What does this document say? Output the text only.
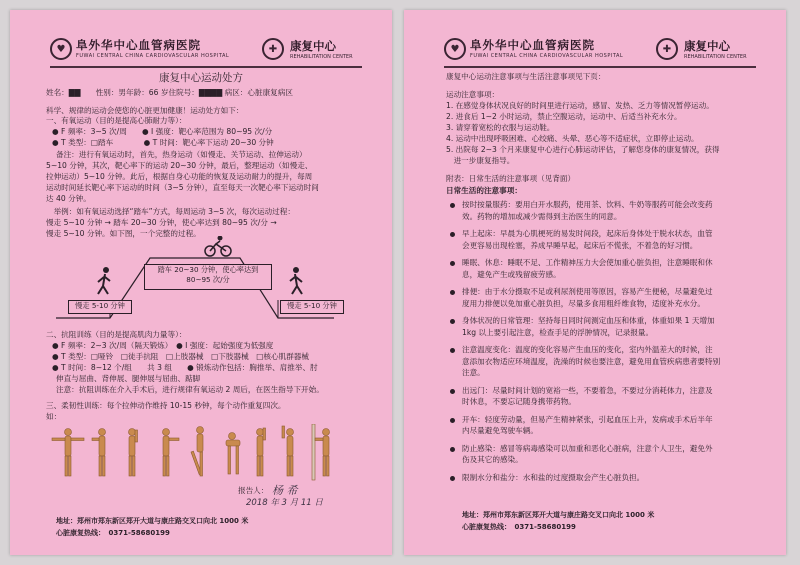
♥ 阜外华中心血管病医院
FUWAI CENTRAL CHINA CARDIOVASCULAR HOSPITAL
✚	康复中心
REHABILITATION CENTER
康复中心运动处方
姓名：▇▇　　性别：男年龄：66 岁住院号：▇▇▇▇ 病区：心脏康复病区
科学、规律的运动会使您的心脏更加健康！运动处方如下：
一、有氧运动（目的是提高心肺耐力等）：
● F 频率：3~5 次/周　　● I 强度：靶心率范围为 80~95 次/分
● T 类型：□踏车　　　　● T 时间：靶心率下运动 20~30 分钟
备注：进行有氧运动时，首先，热身运动（如慢走、关节运动、拉伸运动）
5~10 分钟，其次，靶心率下的运动 20~30 分钟，最后，整理运动（如慢走、
拉伸运动）5~10 分钟。此后，根据自身心功能的恢复及运动耐力的提升，每周
运动时间延长靶心率下运动的时间（3~5 分钟），直至每天一次靶心率下运动时间
达 40 分钟。
　举例：如有氧运动选择“踏车”方式，每周运动 3~5 次，每次运动过程：
慢走 5~10 分钟 → 踏车 20~30 分钟，使心率达到 80~95 次/分 →
慢走 5~10 分钟。如下图，一个完整的过程。
踏车 20~30 分钟，使心率达到
80~95 次/分
慢走 5-10 分钟	慢走 5-10 分钟
二、抗阻训练（目的是提高肌肉力量等）：
● F 频率：2~3 次/周（隔天锻炼）　● I 强度：起始强度为低强度
● T 类型：□哑铃　□徒手抗阻　□上肢器械　□下肢器械　□核心肌群器械
● T 时间：8~12 个/组　　共 3 组　　● 锻炼动作包括：胸推举、肩推举、肘
伸直与屈曲、背伸展、腿伸展与屈曲、踮脚
注意：抗阻训练在介入手术后，进行规律有氧运动 2 周后，在医生指导下开始。
三、柔韧性训练：每个拉伸动作维持 10-15 秒钟，每个动作重复四次。
如：
报告人： 杨 希
2018 年 3 月 11 日
地址：郑州市郑东新区郑开大道与康庄路交叉口向北 1000 米
心脏康复热线：　0371-58680199
♥ 阜外华中心血管病医院
FUWAI CENTRAL CHINA CARDIOVASCULAR HOSPITAL
✚	康复中心
REHABILITATION CENTER
康复中心运动注意事项与生活注意事项见下页：
运动注意事项：
1. 在感觉身体状况良好的时间里进行运动，感冒、发热、乏力等情况暂停运动。
2. 进食后 1~2 小时运动，禁止空腹运动，运动中、后适当补充水分。
3. 请穿着宽松的衣服与运动鞋。
4. 运动中出现呼吸困难、心绞痛、头晕、恶心等不适症状，立即停止运动。
5. 出院每 2~3 个月来康复中心进行心肺运动评估，了解您身体的康复情况，获得
　进一步康复指导。
附表：日常生活的注意事项（见背面）
日常生活的注意事项：
按时按量服药：要用白开水服药，使用茶、饮料、牛奶等服药可能会改变药
效。药物的增加或减少需得到主治医生的同意。
早上起床：早晨为心肌梗死的易发时间段，起床后身体处于脱水状态，血管
会更容易出现栓塞，养成早睡早起，起床后不慌张，不着急的好习惯。
睡眠、休息：睡眠不足、工作精神压力大会使加重心脏负担，注意睡眠和休
息，避免产生或残留疲劳感。
排便：由于水分摄取不足或利尿剂使用等原因，容易产生便秘，尽量避免过
度用力排便以免加重心脏负担，尽量多食用粗纤维食物，适度补充水分。
身体状况的日常管理：坚持每日同时间测定血压和体重，体重如果 1 天增加
1kg 以上要引起注意，检查手足的浮肿情况，记录报量。
注意温度变化：温度的变化容易产生血压的变化，室内外温差大的时候，注
意添加衣物适应环境温度，洗澡的时候也要注意，避免用血管疾病患者要特别
注意。
出远门：尽量时间计划的宽裕一些，不要着急，不要过分消耗体力，注意及
时休息，不要忘记随身携带药物。
开车：轻度劳动量，但易产生精神紧张，引起血压上升，发病或手术后半年
内尽量避免驾驶车辆。
防止感染：感冒等病毒感染可以加重和恶化心脏病，注意个人卫生，避免外
伤及其它的感染。
限制水分和盐分：水和盐的过度摄取会产生心脏负担。
地址：郑州市郑东新区郑开大道与康庄路交叉口向北 1000 米
心脏康复热线：　0371-58680199
